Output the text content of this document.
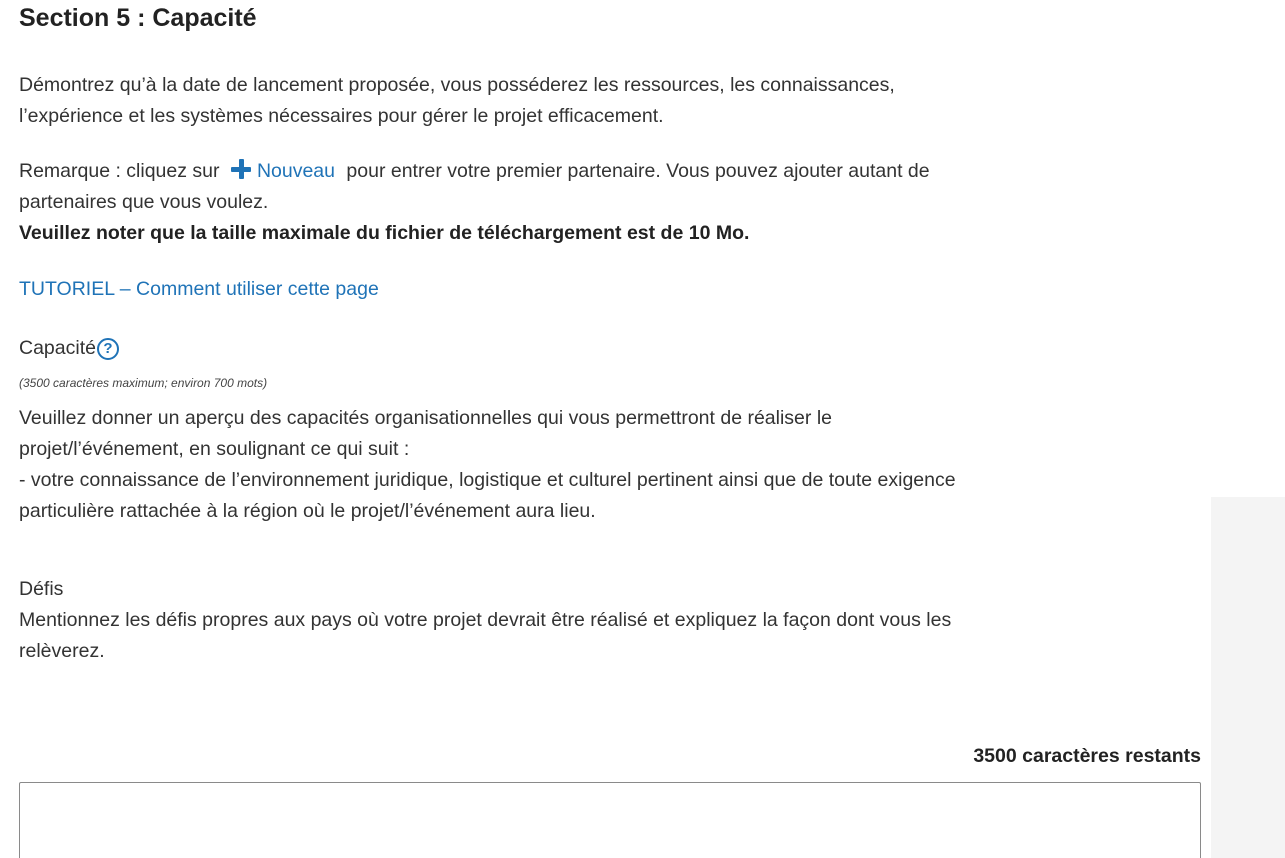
Section 5 : Capacité

Démontrez qu’à la date de lancement proposée, vous posséderez les ressources, les connaissances,
l’expérience et les systèmes nécessaires pour gérer le projet efficacement.

Remarque : cliquez sur Nouveau pour entrer votre premier partenaire. Vous pouvez ajouter autant de
partenaires que vous voulez.
Veuillez noter que la taille maximale du fichier de téléchargement est de 10 Mo.

TUTORIEL – Comment utiliser cette page
Capacité ?
(3500 caractères maximum; environ 700 mots)

Veuillez donner un aperçu des capacités organisationnelles qui vous permettront de réaliser le
projet/l’événement, en soulignant ce qui suit :
- votre connaissance de l’environnement juridique, logistique et culturel pertinent ainsi que de toute exigence
particulière rattachée à la région où le projet/l’événement aura lieu.

Défis
Mentionnez les défis propres aux pays où votre projet devrait être réalisé et expliquez la façon dont vous les
relèverez.

3500 caractères restants
